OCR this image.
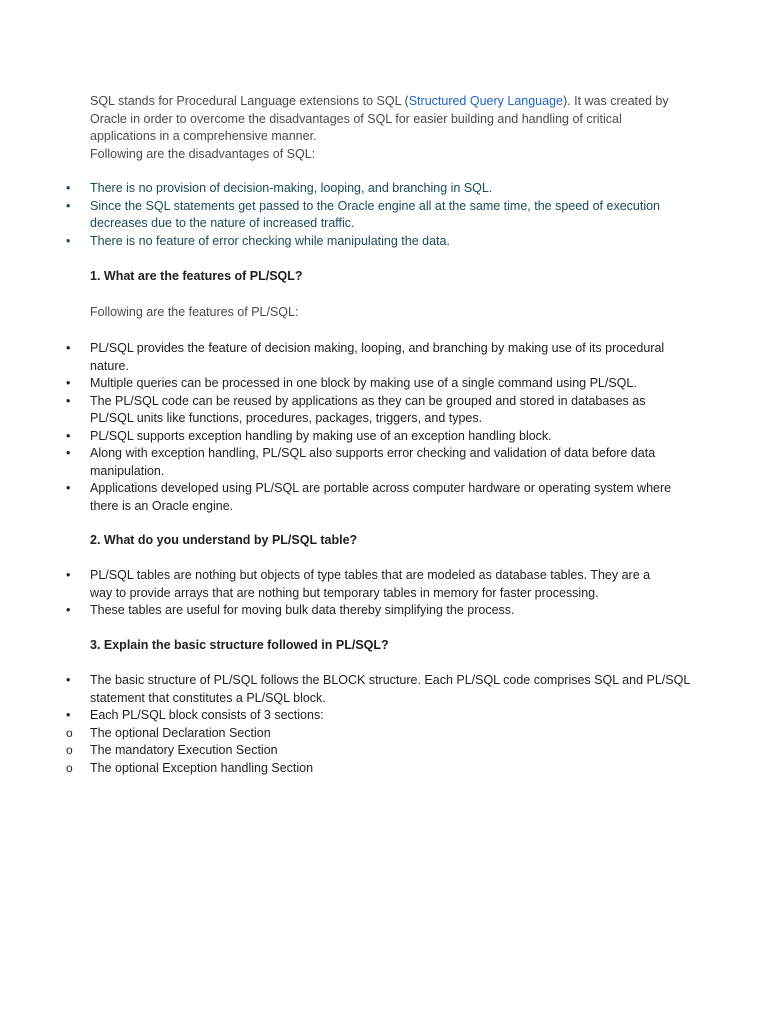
SQL stands for Procedural Language extensions to SQL (Structured Query Language). It was created by Oracle in order to overcome the disadvantages of SQL for easier building and handling of critical applications in a comprehensive manner.
Following are the disadvantages of SQL:

•	There is no provision of decision-making, looping, and branching in SQL.
•	Since the SQL statements get passed to the Oracle engine all at the same time, the speed of execution decreases due to the nature of increased traffic.
•	There is no feature of error checking while manipulating the data.

1. What are the features of PL/SQL?

Following are the features of PL/SQL:

•	PL/SQL provides the feature of decision making, looping, and branching by making use of its procedural nature.
•	Multiple queries can be processed in one block by making use of a single command using PL/SQL.
•	The PL/SQL code can be reused by applications as they can be grouped and stored in databases as PL/SQL units like functions, procedures, packages, triggers, and types.
•	PL/SQL supports exception handling by making use of an exception handling block.
•	Along with exception handling, PL/SQL also supports error checking and validation of data before data manipulation.
•	Applications developed using PL/SQL are portable across computer hardware or operating system where there is an Oracle engine.

2. What do you understand by PL/SQL table?

•	PL/SQL tables are nothing but objects of type tables that are modeled as database tables. They are a way to provide arrays that are nothing but temporary tables in memory for faster processing.
•	These tables are useful for moving bulk data thereby simplifying the process.

3. Explain the basic structure followed in PL/SQL?

•	The basic structure of PL/SQL follows the BLOCK structure. Each PL/SQL code comprises SQL and PL/SQL statement that constitutes a PL/SQL block.
•	Each PL/SQL block consists of 3 sections:
o	The optional Declaration Section
o	The mandatory Execution Section
o	The optional Exception handling Section
